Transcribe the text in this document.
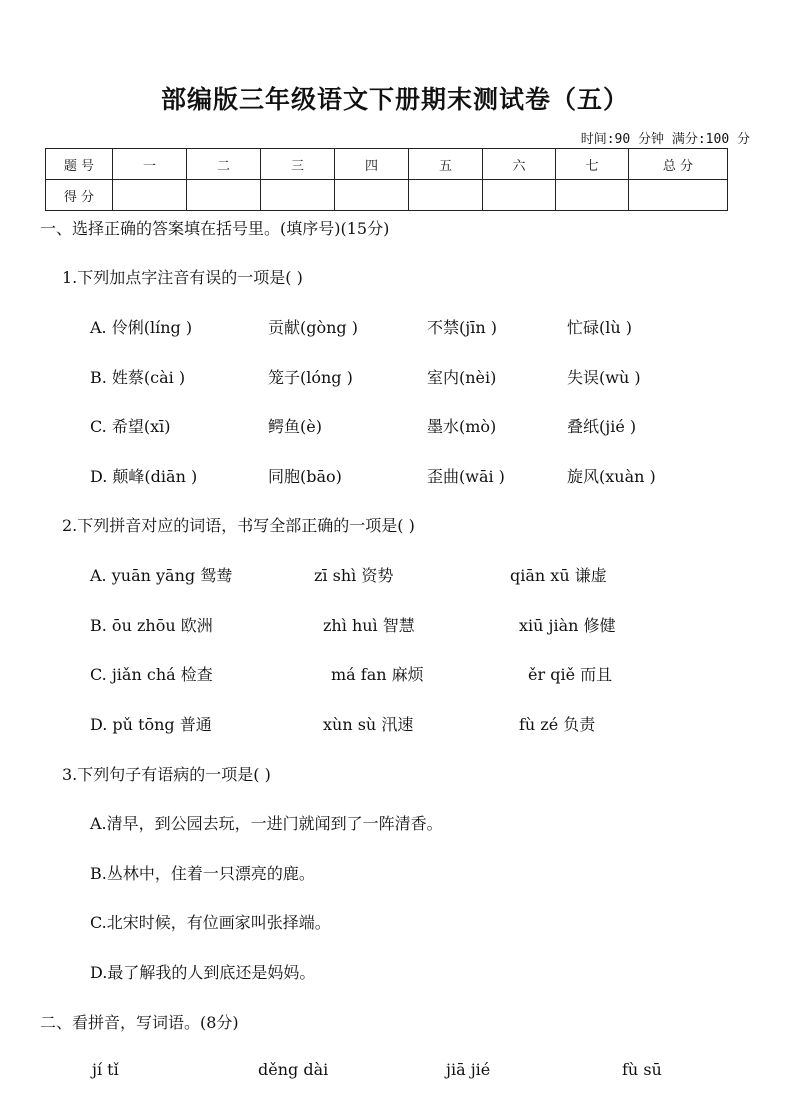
部编版三年级语文下册期末测试卷（五）
时间:90 分钟 满分:100 分
题 号	一	二	三	四	五	六	七	总 分
得 分								
一、选择正确的答案填在括号里。(填序号)(15分)
1.下列加点字注音有误的一项是( )
A. 伶俐(líng )	贡献(gòng )	不禁(jīn )	忙碌(lù )
B. 姓蔡(cài )	笼子(lóng )	室内(nèi)	失误(wù )
C. 希望(xī)	鳄鱼(è)	墨水(mò)	叠纸(jié )
D. 颠峰(diān )	同胞(bāo)	歪曲(wāi )	旋风(xuàn )
2.下列拼音对应的词语，书写全部正确的一项是( )
A. yuān yāng 鸳鸯	zī shì 资势	qiān xū 谦虚
B. ōu zhōu 欧洲	zhì huì 智慧	xiū jiàn 修健
C. jiǎn chá 检查	má fan 麻烦	ěr qiě 而且
D. pǔ tōng 普通	xùn sù 汛速	fù zé 负责
3.下列句子有语病的一项是( )
A.清早，到公园去玩，一进门就闻到了一阵清香。
B.丛林中，住着一只漂亮的鹿。
C.北宋时候，有位画家叫张择端。
D.最了解我的人到底还是妈妈。
二、看拼音，写词语。(8分)
jí tǐ	děng dài	jiā jié	fù sū
